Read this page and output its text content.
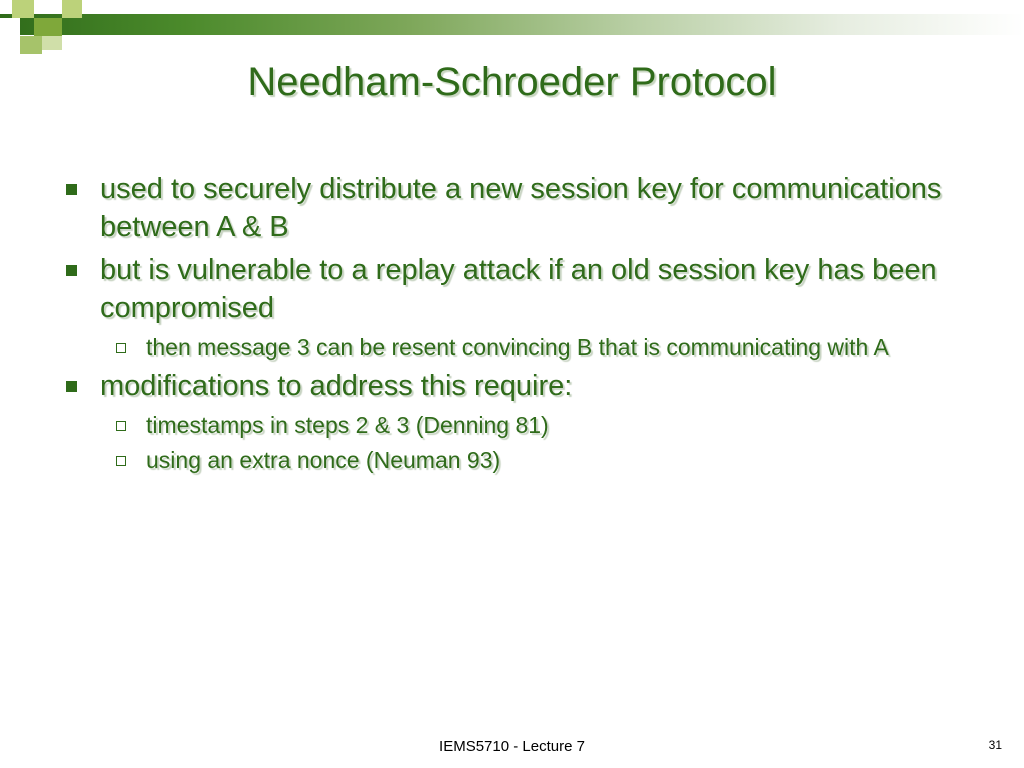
Needham-Schroeder Protocol
used to securely distribute a new session key for communications between A & B
but is vulnerable to a replay attack if an old session key has been compromised
then message 3 can be resent convincing B that is communicating with A
modifications to address this require:
timestamps in steps 2 & 3 (Denning 81)
using an extra nonce (Neuman 93)
IEMS5710 - Lecture 7	31
